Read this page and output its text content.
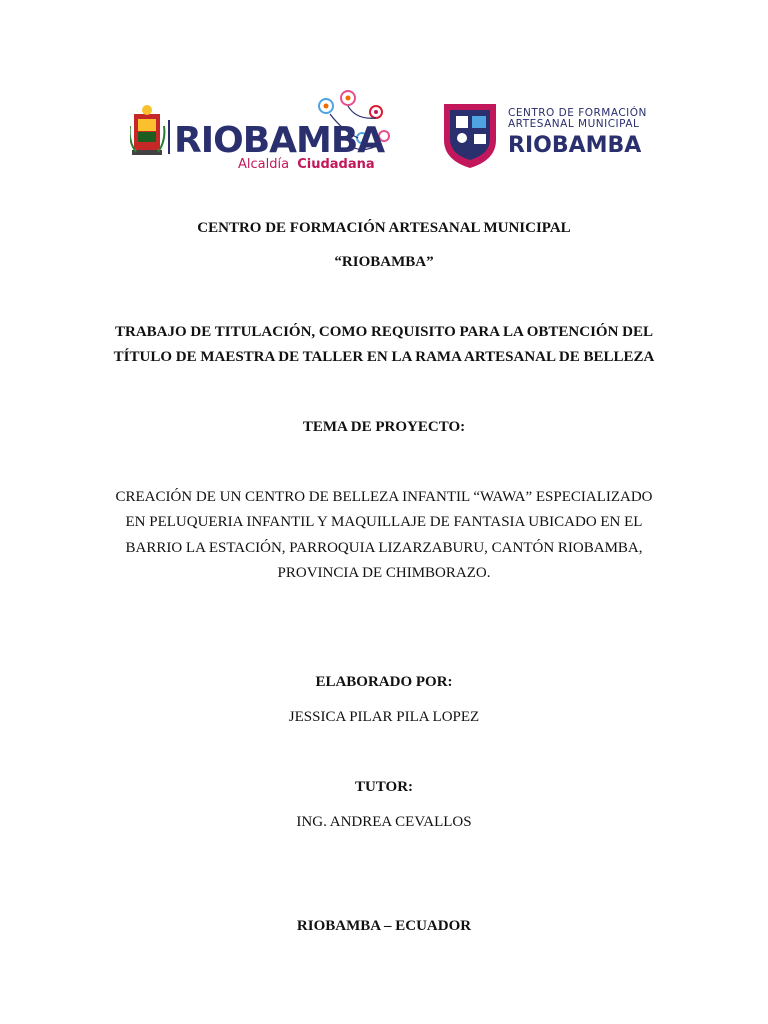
RIOBAMBA
Alcaldía Ciudadana
CENTRO DE FORMACIÓN
ARTESANAL MUNICIPAL
RIOBAMBA
CENTRO DE FORMACIÓN ARTESANAL MUNICIPAL
“RIOBAMBA”
TRABAJO DE TITULACIÓN, COMO REQUISITO PARA LA OBTENCIÓN DEL
TÍTULO DE MAESTRA DE TALLER EN LA RAMA ARTESANAL DE BELLEZA
TEMA DE PROYECTO:
CREACIÓN DE UN CENTRO DE BELLEZA INFANTIL “WAWA” ESPECIALIZADO
EN PELUQUERIA INFANTIL Y MAQUILLAJE DE FANTASIA UBICADO EN EL
BARRIO LA ESTACIÓN, PARROQUIA LIZARZABURU, CANTÓN RIOBAMBA,
PROVINCIA DE CHIMBORAZO.
ELABORADO POR:
JESSICA PILAR PILA LOPEZ
TUTOR:
ING. ANDREA CEVALLOS
RIOBAMBA – ECUADOR
